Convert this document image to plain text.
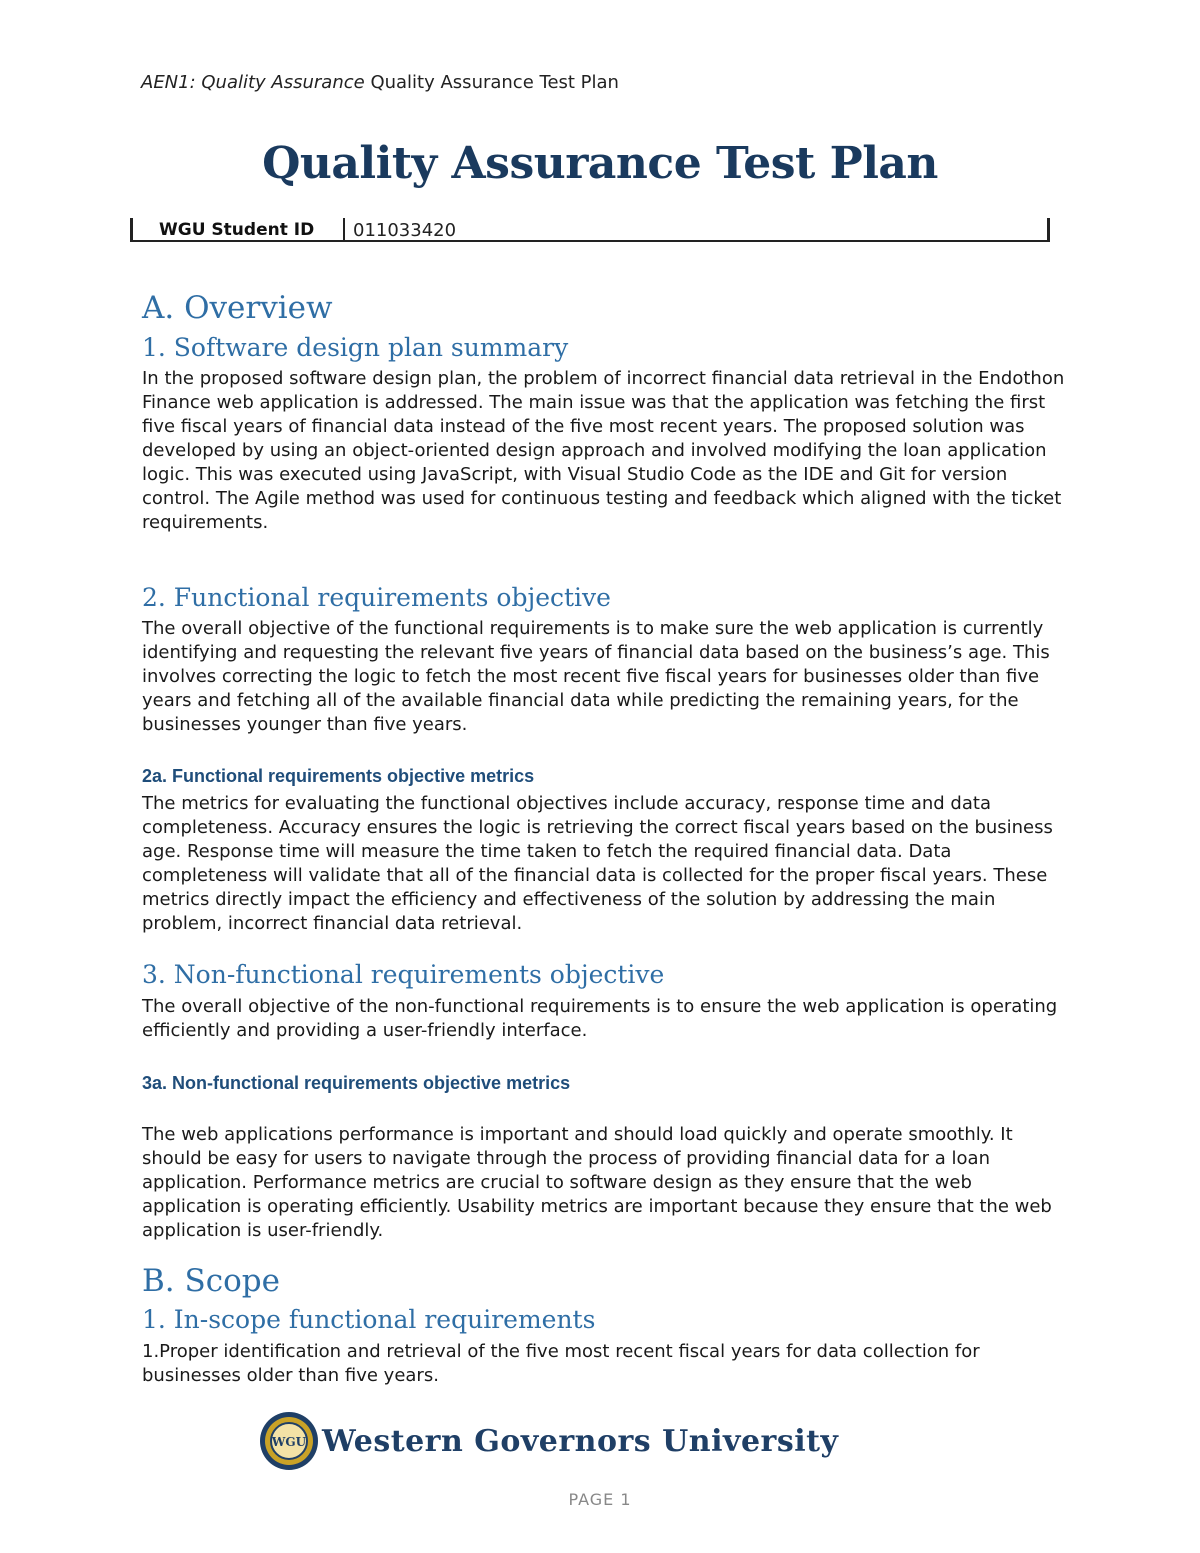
AEN1: Quality Assurance Quality Assurance Test Plan
Quality Assurance Test Plan
WGU Student ID 011033420
A. Overview
1. Software design plan summary
In the proposed software design plan, the problem of incorrect financial data retrieval in the Endothon Finance web application is addressed. The main issue was that the application was fetching the first five fiscal years of financial data instead of the five most recent years. The proposed solution was developed by using an object-oriented design approach and involved modifying the loan application logic. This was executed using JavaScript, with Visual Studio Code as the IDE and Git for version control. The Agile method was used for continuous testing and feedback which aligned with the ticket requirements.
2. Functional requirements objective
The overall objective of the functional requirements is to make sure the web application is currently identifying and requesting the relevant five years of financial data based on the business’s age. This involves correcting the logic to fetch the most recent five fiscal years for businesses older than five years and fetching all of the available financial data while predicting the remaining years, for the businesses younger than five years.
2a. Functional requirements objective metrics
The metrics for evaluating the functional objectives include accuracy, response time and data completeness. Accuracy ensures the logic is retrieving the correct fiscal years based on the business age. Response time will measure the time taken to fetch the required financial data. Data completeness will validate that all of the financial data is collected for the proper fiscal years. These metrics directly impact the efficiency and effectiveness of the solution by addressing the main problem, incorrect financial data retrieval.
3. Non-functional requirements objective
The overall objective of the non-functional requirements is to ensure the web application is operating efficiently and providing a user-friendly interface.
3a. Non-functional requirements objective metrics
The web applications performance is important and should load quickly and operate smoothly. It should be easy for users to navigate through the process of providing financial data for a loan application. Performance metrics are crucial to software design as they ensure that the web application is operating efficiently. Usability metrics are important because they ensure that the web application is user-friendly.
B. Scope
1. In-scope functional requirements
1.Proper identification and retrieval of the five most recent fiscal years for data collection for businesses older than five years.
WGU Western Governors University
PAGE 1
